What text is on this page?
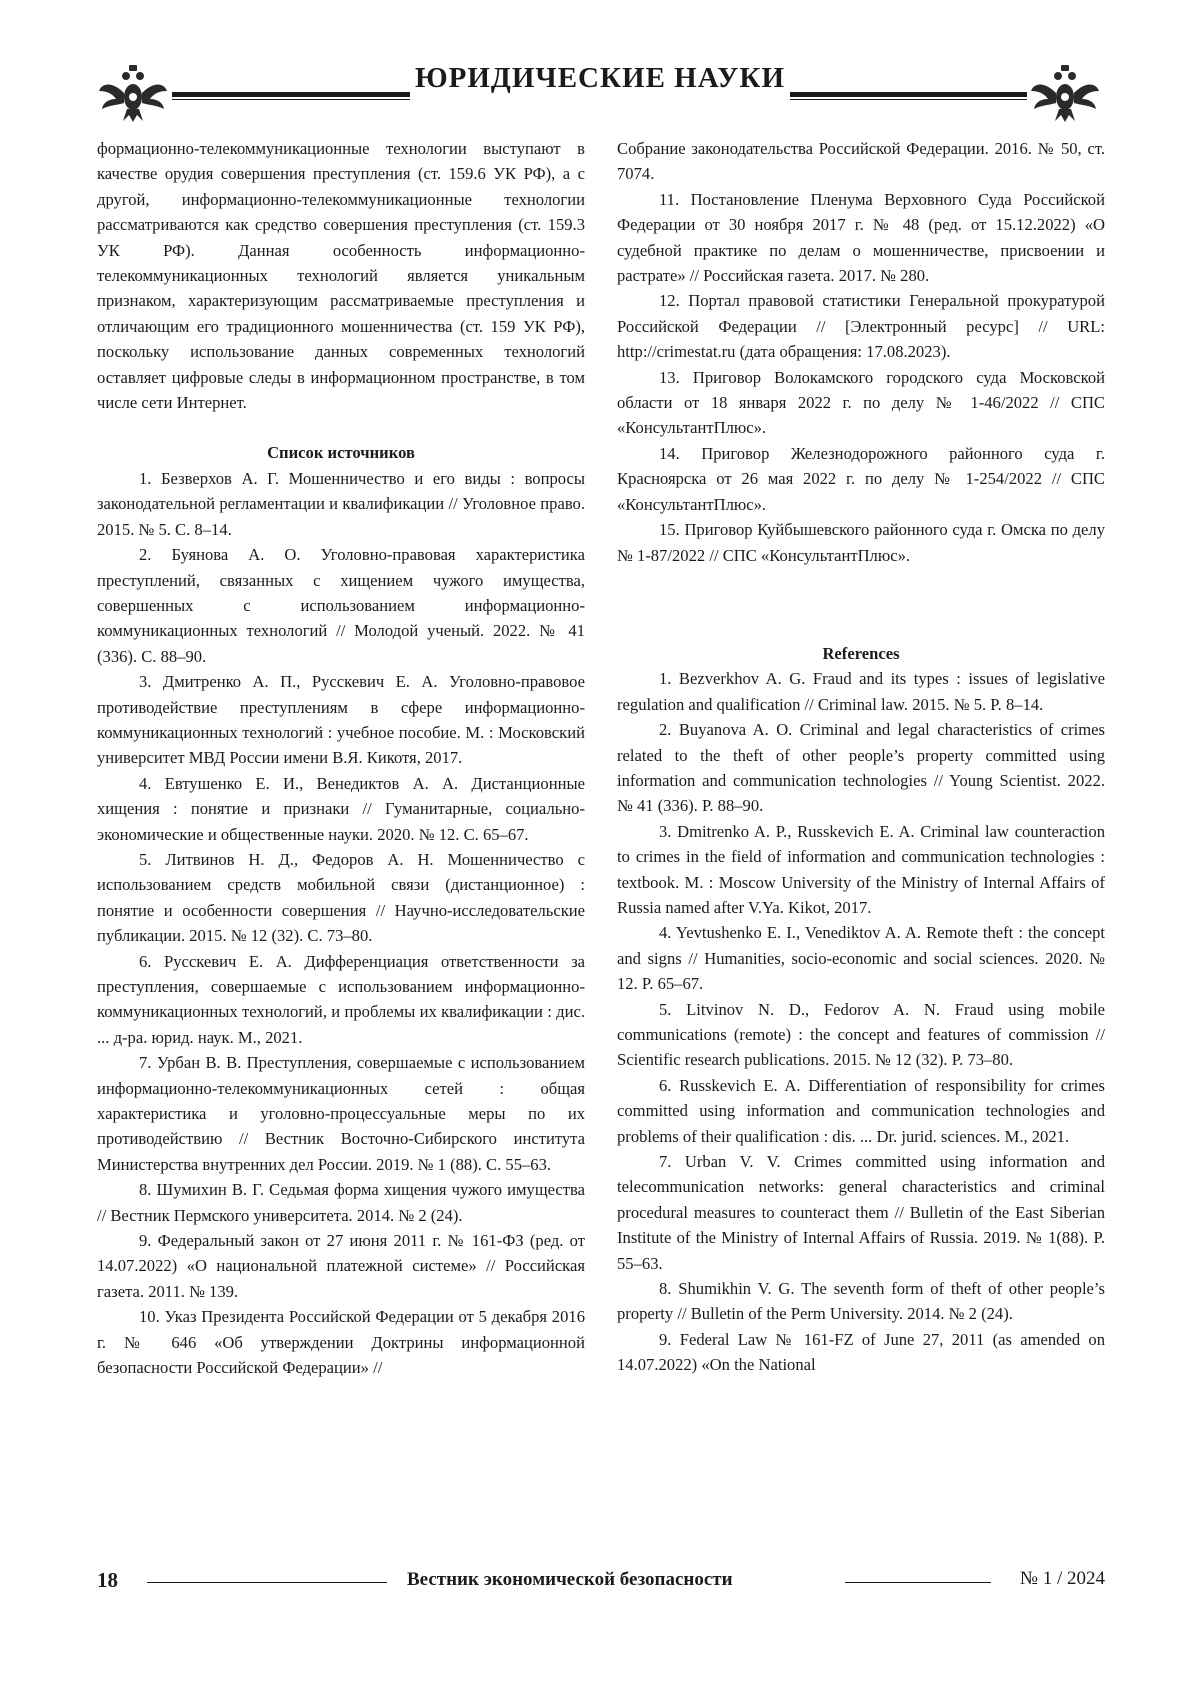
ЮРИДИЧЕСКИЕ НАУКИ

формационно-телекоммуникационные технологии выступают в качестве орудия совершения преступления (ст. 159.6 УК РФ), а с другой, информационно-телекоммуникационные технологии рассматриваются как средство совершения преступления (ст. 159.3 УК РФ). Данная особенность информационно-телекоммуникационных технологий является уникальным признаком, характеризующим рассматриваемые преступления и отличающим его традиционного мошенничества (ст. 159 УК РФ), поскольку использование данных современных технологий оставляет цифровые следы в информационном пространстве, в том числе сети Интернет.

Список источников

1. Безверхов А. Г. Мошенничество и его виды : вопросы законодательной регламентации и квалификации // Уголовное право. 2015. № 5. С. 8–14.

2. Буянова А. О. Уголовно-правовая характеристика преступлений, связанных с хищением чужого имущества, совершенных с использованием информационно-коммуникационных технологий // Молодой ученый. 2022. № 41 (336). С. 88–90.

3. Дмитренко А. П., Русскевич Е. А. Уголовно-правовое противодействие преступлениям в сфере информационно-коммуникационных технологий : учебное пособие. М. : Московский университет МВД России имени В.Я. Кикотя, 2017.

4. Евтушенко Е. И., Венедиктов А. А. Дистанционные хищения : понятие и признаки // Гуманитарные, социально-экономические и общественные науки. 2020. № 12. С. 65–67.

5. Литвинов Н. Д., Федоров А. Н. Мошенничество с использованием средств мобильной связи (дистанционное) : понятие и особенности совершения // Научно-исследовательские публикации. 2015. № 12 (32). С. 73–80.

6. Русскевич Е. А. Дифференциация ответственности за преступления, совершаемые с использованием информационно-коммуникационных технологий, и проблемы их квалификации : дис. ... д-ра. юрид. наук. М., 2021.

7. Урбан В. В. Преступления, совершаемые с использованием информационно-телекоммуникационных сетей : общая характеристика и уголовно-процессуальные меры по их противодействию // Вестник Восточно-Сибирского института Министерства внутренних дел России. 2019. № 1 (88). С. 55–63.

8. Шумихин В. Г. Седьмая форма хищения чужого имущества // Вестник Пермского университета. 2014. № 2 (24).

9. Федеральный закон от 27 июня 2011 г. № 161-ФЗ (ред. от 14.07.2022) «О национальной платежной системе» // Российская газета. 2011. № 139.

10. Указ Президента Российской Федерации от 5 декабря 2016 г. № 646 «Об утверждении Доктрины информационной безопасности Российской Федерации» //

Собрание законодательства Российской Федерации. 2016. № 50, ст. 7074.

11. Постановление Пленума Верховного Суда Российской Федерации от 30 ноября 2017 г. № 48 (ред. от 15.12.2022) «О судебной практике по делам о мошенничестве, присвоении и растрате» // Российская газета. 2017. № 280.

12. Портал правовой статистики Генеральной прокуратурой Российской Федерации // [Электронный ресурс] // URL: http://crimestat.ru (дата обращения: 17.08.2023).

13. Приговор Волокамского городского суда Московской области от 18 января 2022 г. по делу № 1-46/2022 // СПС «КонсультантПлюс».

14. Приговор Железнодорожного районного суда г. Красноярска от 26 мая 2022 г. по делу № 1-254/2022 // СПС «КонсультантПлюс».

15. Приговор Куйбышевского районного суда г. Омска по делу № 1-87/2022 // СПС «КонсультантПлюс».

References

1. Bezverkhov A. G. Fraud and its types : issues of legislative regulation and qualification // Criminal law. 2015. № 5. P. 8–14.

2. Buyanova A. O. Criminal and legal characteristics of crimes related to the theft of other people’s property committed using information and communication technologies // Young Scientist. 2022. № 41 (336). P. 88–90.

3. Dmitrenko A. P., Russkevich E. A. Criminal law counteraction to crimes in the field of information and communication technologies : textbook. M. : Moscow University of the Ministry of Internal Affairs of Russia named after V.Ya. Kikot, 2017.

4. Yevtushenko E. I., Venediktov A. A. Remote theft : the concept and signs // Humanities, socio-economic and social sciences. 2020. № 12. P. 65–67.

5. Litvinov N. D., Fedorov A. N. Fraud using mobile communications (remote) : the concept and features of commission // Scientific research publications. 2015. № 12 (32). P. 73–80.

6. Russkevich E. A. Differentiation of responsibility for crimes committed using information and communication technologies and problems of their qualification : dis. ... Dr. jurid. sciences. M., 2021.

7. Urban V. V. Crimes committed using information and telecommunication networks: general characteristics and criminal procedural measures to counteract them // Bulletin of the East Siberian Institute of the Ministry of Internal Affairs of Russia. 2019. № 1(88). P. 55–63.

8. Shumikhin V. G. The seventh form of theft of other people’s property // Bulletin of the Perm University. 2014. № 2 (24).

9. Federal Law № 161-FZ of June 27, 2011 (as amended on 14.07.2022) «On the National

18	Вестник экономической безопасности	№ 1 / 2024
